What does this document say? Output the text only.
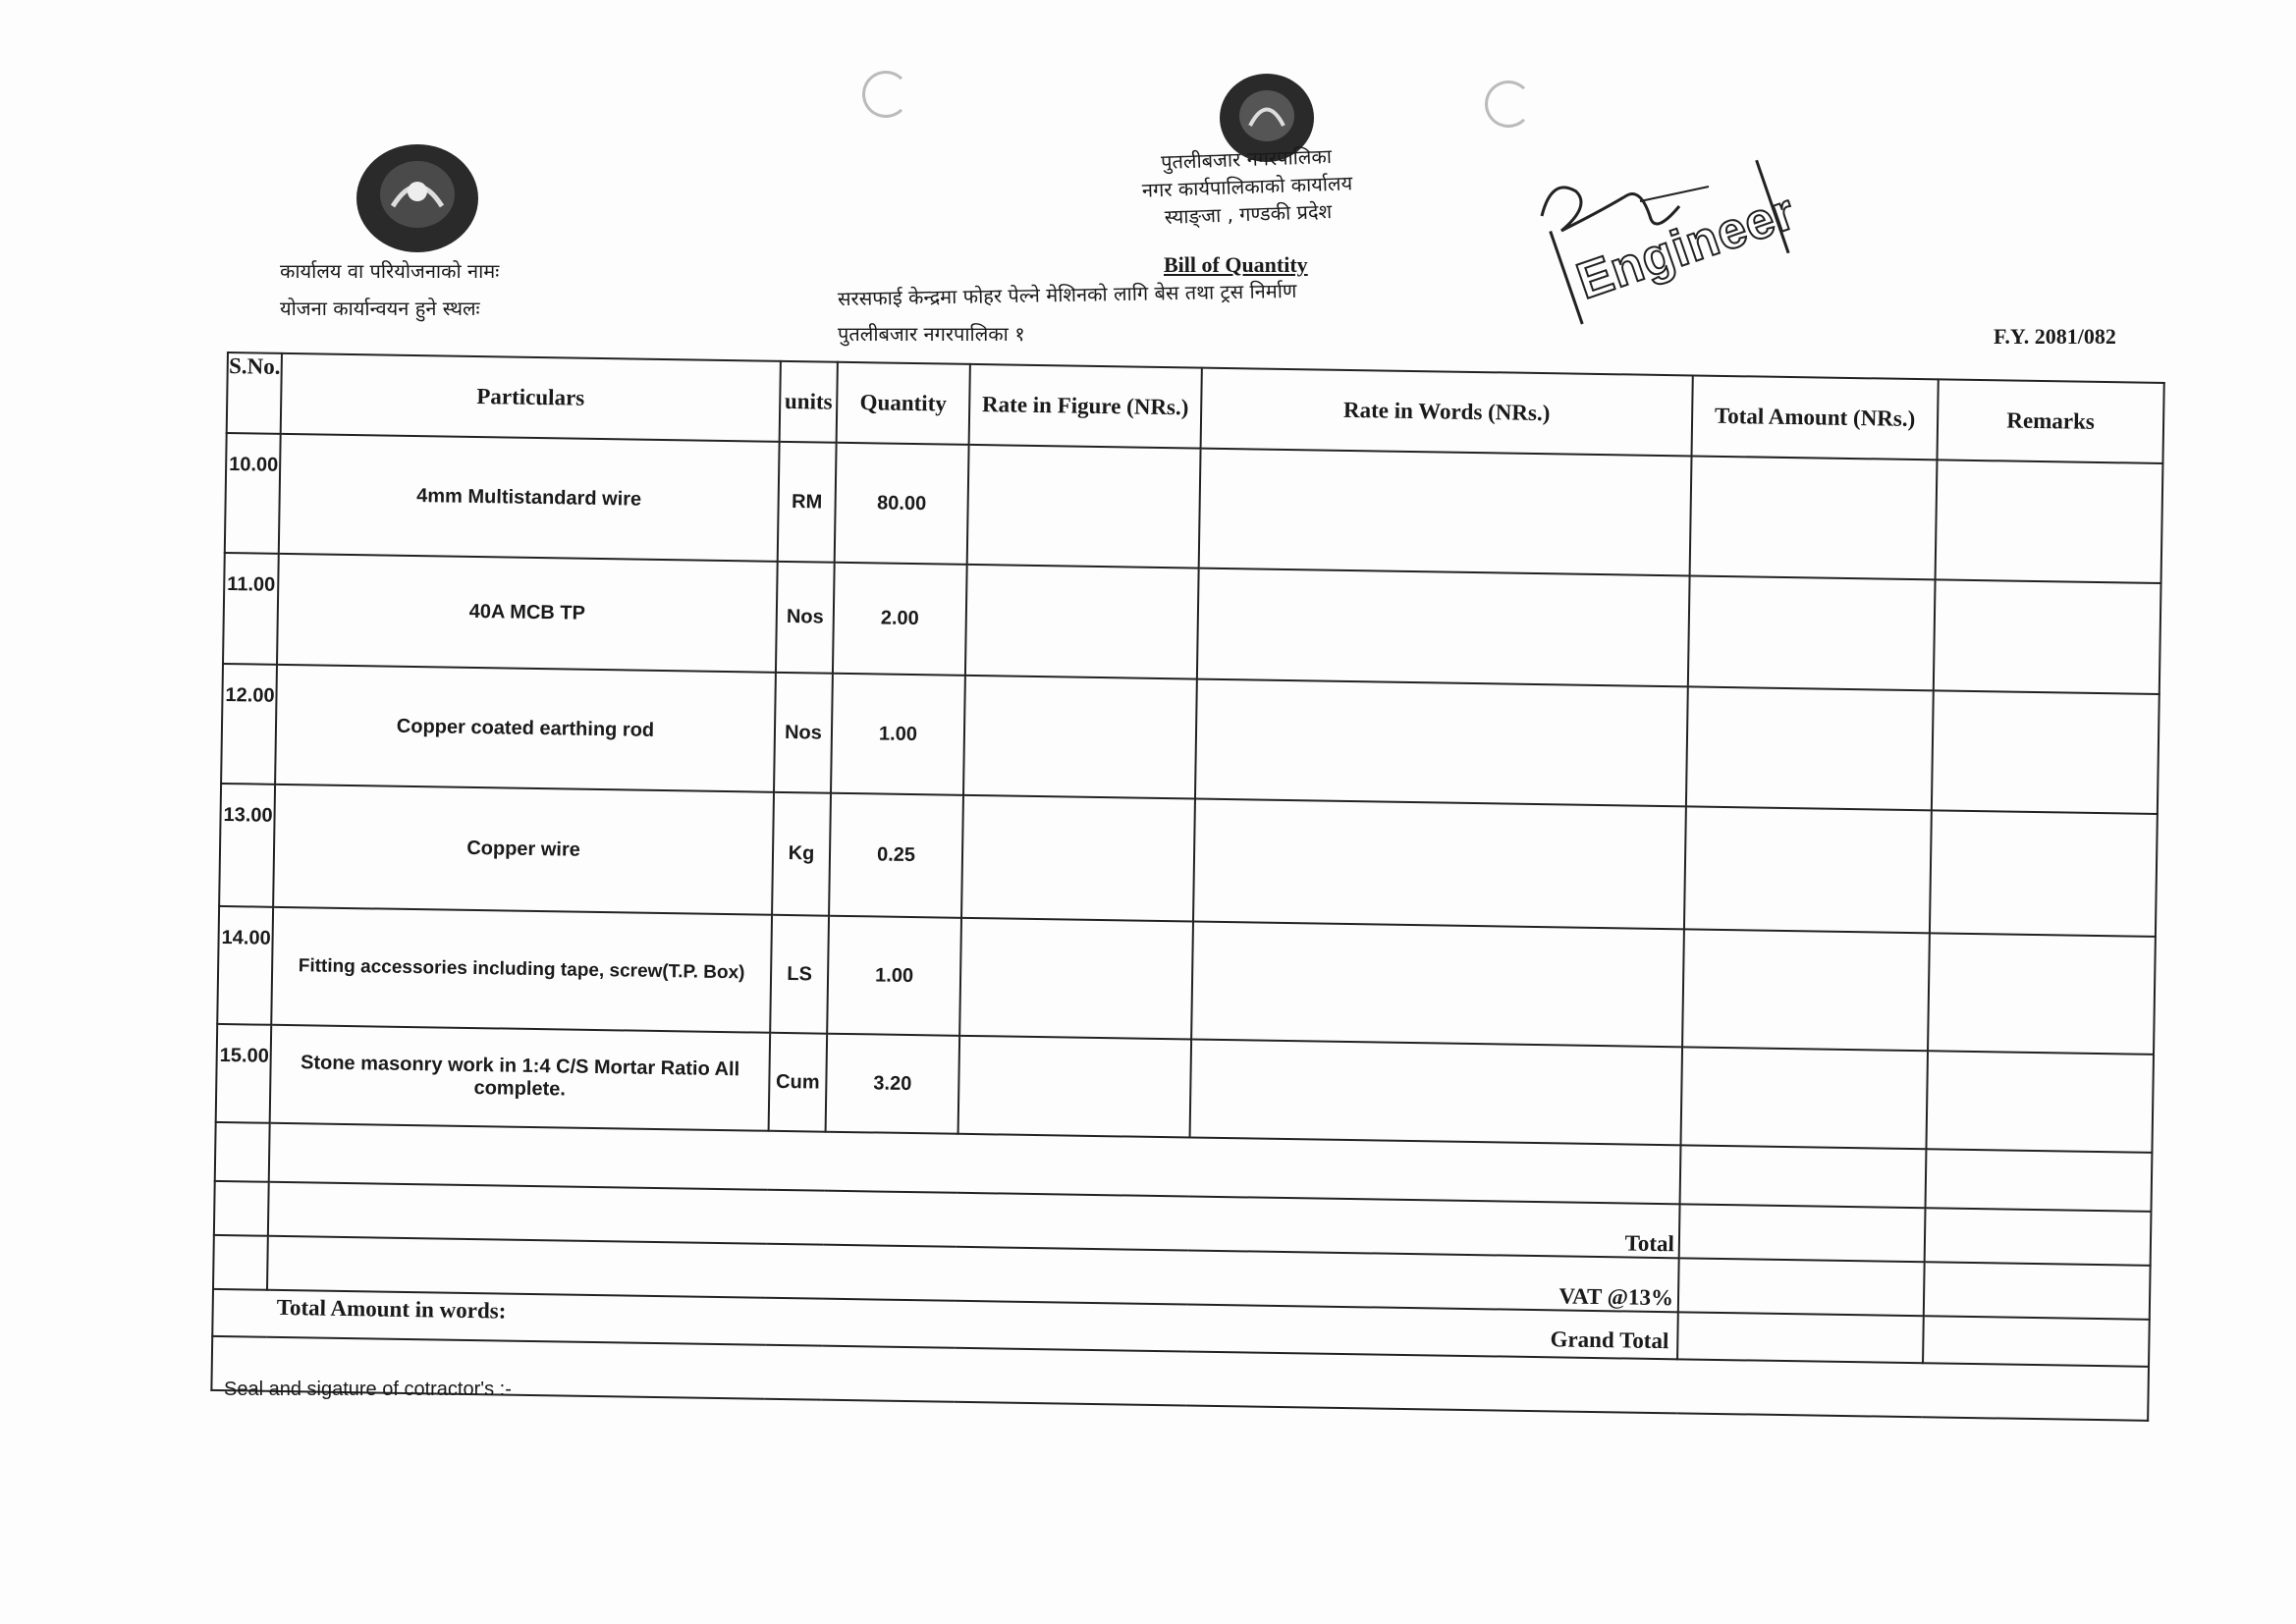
कार्यालय वा परियोजनाको नामः
योजना कार्यान्वयन हुने स्थलः
पुतलीबजार नगरपालिका
नगर कार्यपालिकाको कार्यालय
स्याङ्जा , गण्डकी प्रदेश
Bill of Quantity
सरसफाई केन्द्रमा फोहर पेल्ने मेशिनको लागि बेस तथा ट्रस निर्माण
पुतलीबजार नगरपालिका १
Engineer
F.Y. 2081/082
S.No.	Particulars	units	Quantity	Rate in Figure (NRs.)	Rate in Words (NRs.)	Total Amount (NRs.)	Remarks
10.00	4mm Multistandard wire	RM	80.00				
11.00	40A MCB TP	Nos	2.00				
12.00	Copper coated earthing rod	Nos	1.00				
13.00	Copper wire	Kg	0.25				
14.00	Fitting accessories including tape, screw(T.P. Box)	LS	1.00				
15.00	Stone masonry work in 1:4 C/S Mortar Ratio All complete.	Cum	3.20				

	Total						
	VAT @13%						

Total Amount in words:
Grand Total							

Seal and sigature of cotractor's :-
